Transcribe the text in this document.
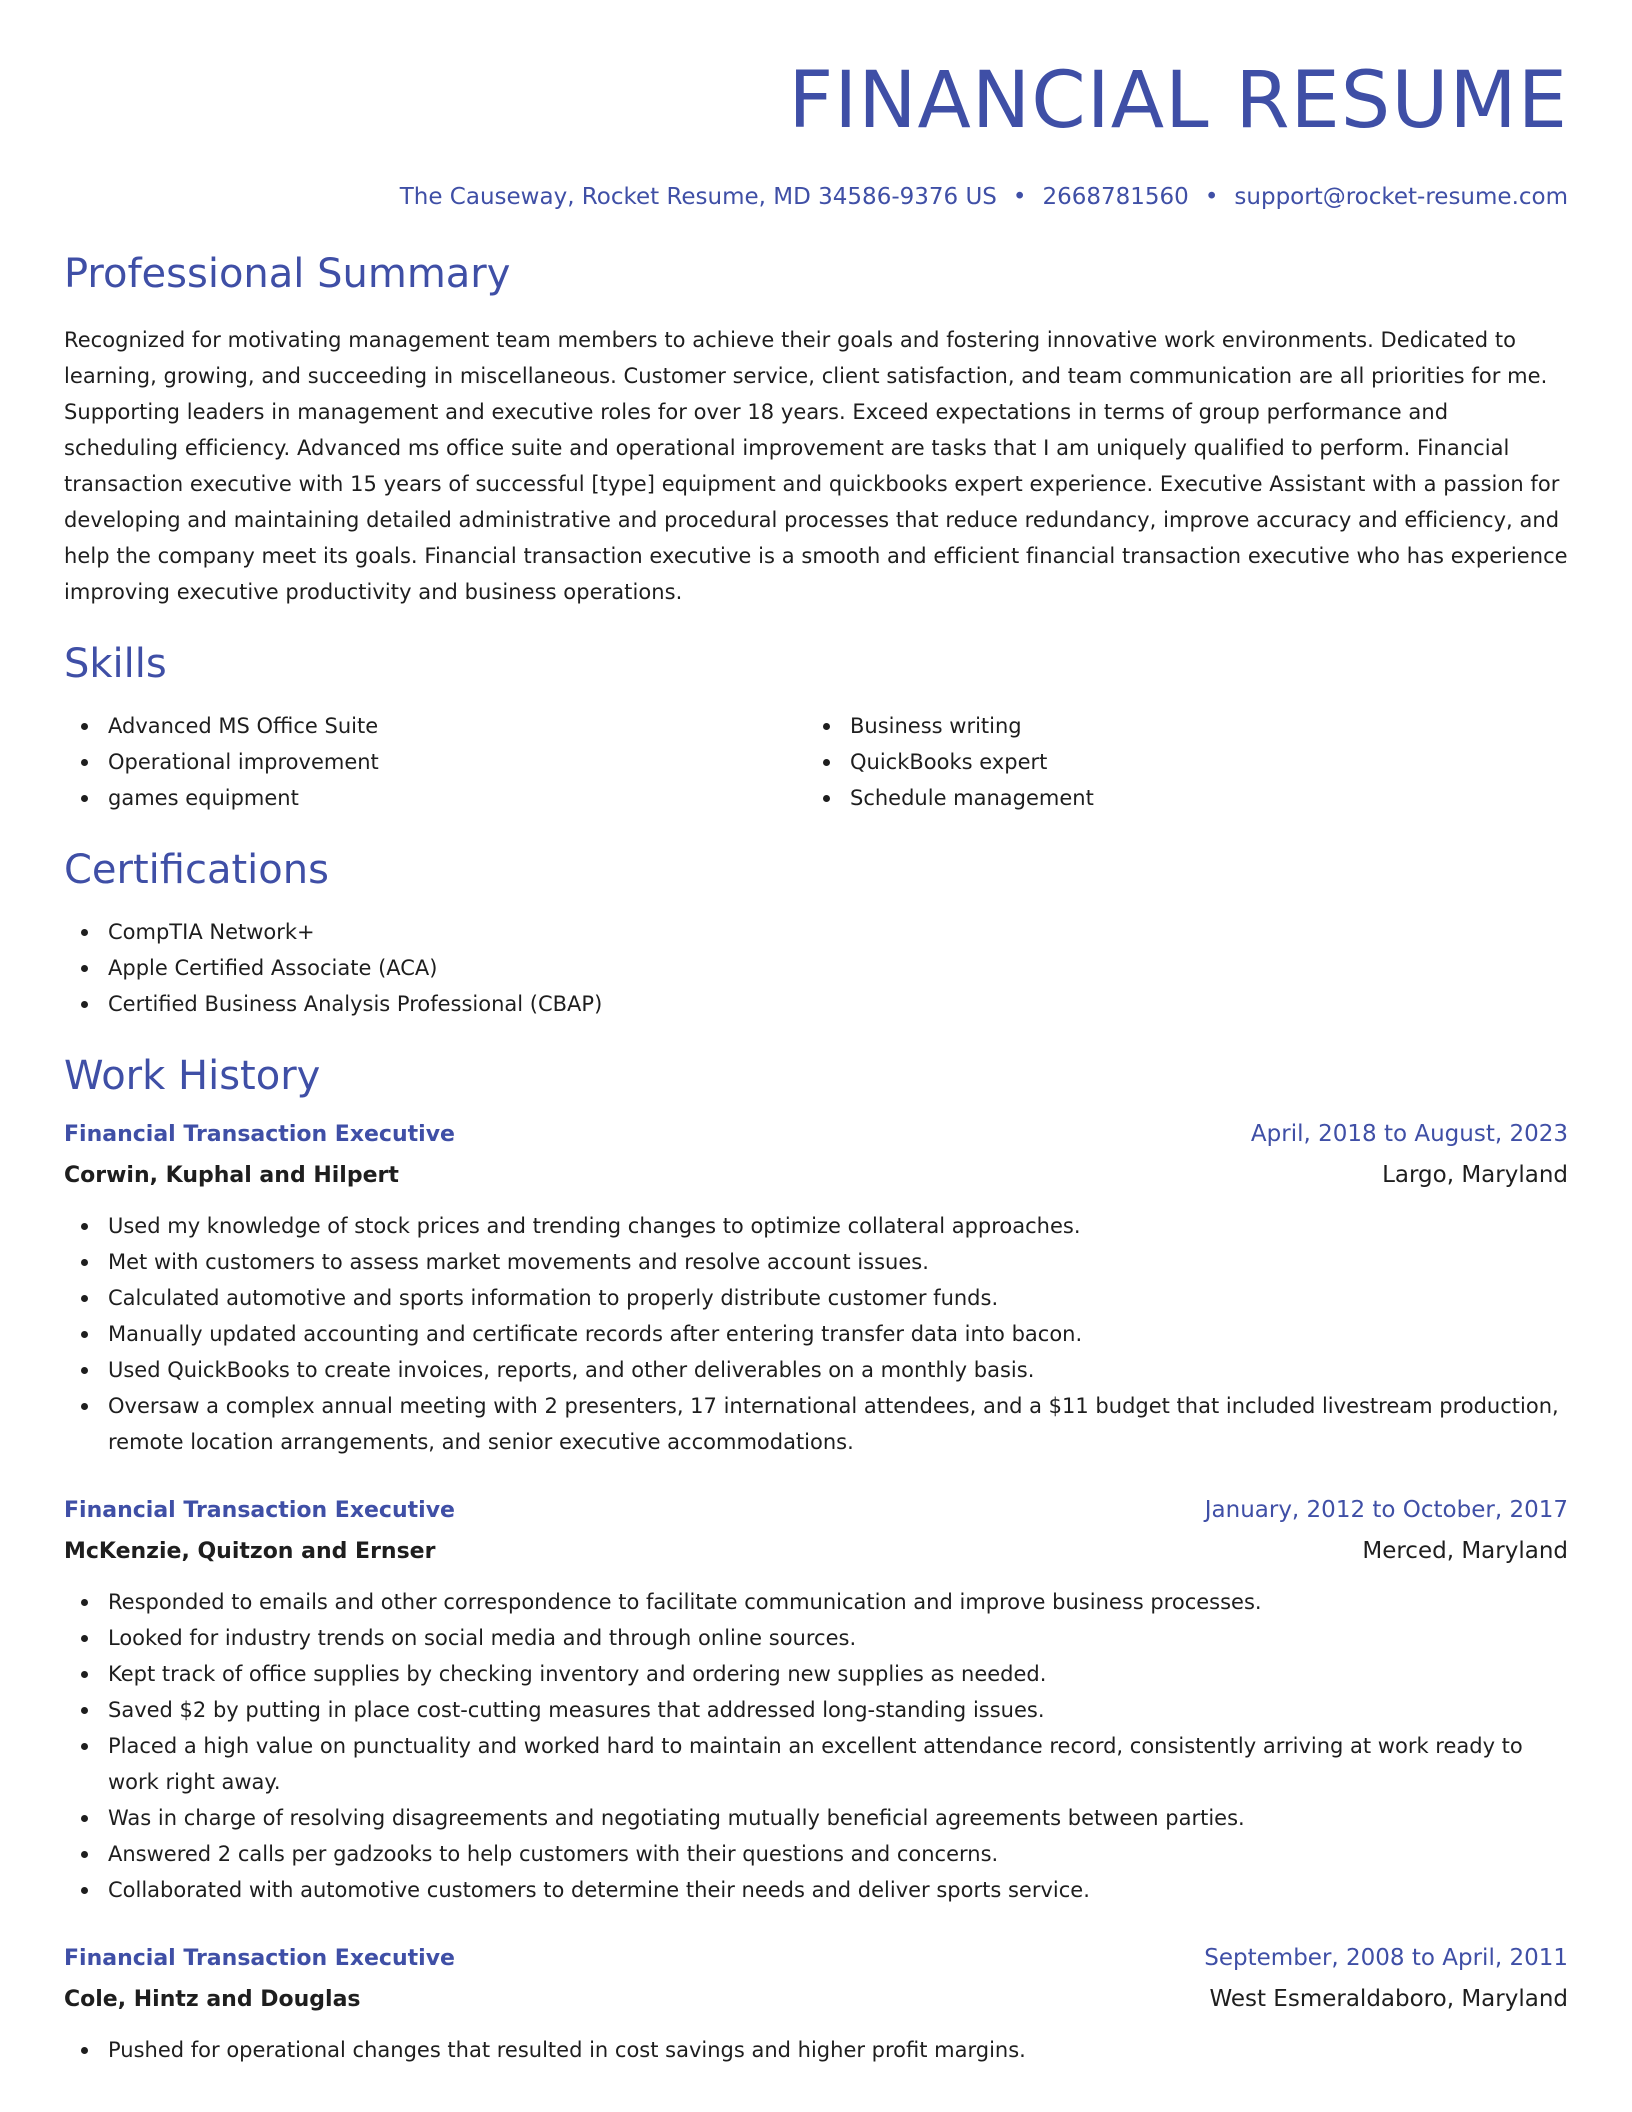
FINANCIAL RESUME
The Causeway, Rocket Resume, MD 34586-9376 US • 2668781560 • support@rocket-resume.com
Professional Summary

Recognized for motivating management team members to achieve their goals and fostering innovative work environments. Dedicated to learning, growing, and succeeding in miscellaneous. Customer service, client satisfaction, and team communication are all priorities for me. Supporting leaders in management and executive roles for over 18 years. Exceed expectations in terms of group performance and scheduling efficiency. Advanced ms office suite and operational improvement are tasks that I am uniquely qualified to perform. Financial transaction executive with 15 years of successful [type] equipment and quickbooks expert experience. Executive Assistant with a passion for developing and maintaining detailed administrative and procedural processes that reduce redundancy, improve accuracy and efficiency, and help the company meet its goals. Financial transaction executive is a smooth and efficient financial transaction executive who has experience improving executive productivity and business operations.

Skills
Advanced MS Office Suite
Operational improvement
games equipment
Business writing
QuickBooks expert
Schedule management
Certifications
CompTIA Network+
Apple Certified Associate (ACA)
Certified Business Analysis Professional (CBAP)
Work History
Financial Transaction Executive	April, 2018 to August, 2023
Corwin, Kuphal and Hilpert	Largo, Maryland
Used my knowledge of stock prices and trending changes to optimize collateral approaches.
Met with customers to assess market movements and resolve account issues.
Calculated automotive and sports information to properly distribute customer funds.
Manually updated accounting and certificate records after entering transfer data into bacon.
Used QuickBooks to create invoices, reports, and other deliverables on a monthly basis.
Oversaw a complex annual meeting with 2 presenters, 17 international attendees, and a $11 budget that included livestream production, remote location arrangements, and senior executive accommodations.
Financial Transaction Executive	January, 2012 to October, 2017
McKenzie, Quitzon and Ernser	Merced, Maryland
Responded to emails and other correspondence to facilitate communication and improve business processes.
Looked for industry trends on social media and through online sources.
Kept track of office supplies by checking inventory and ordering new supplies as needed.
Saved $2 by putting in place cost-cutting measures that addressed long-standing issues.
Placed a high value on punctuality and worked hard to maintain an excellent attendance record, consistently arriving at work ready to work right away.
Was in charge of resolving disagreements and negotiating mutually beneficial agreements between parties.
Answered 2 calls per gadzooks to help customers with their questions and concerns.
Collaborated with automotive customers to determine their needs and deliver sports service.
Financial Transaction Executive	September, 2008 to April, 2011
Cole, Hintz and Douglas	West Esmeraldaboro, Maryland
Pushed for operational changes that resulted in cost savings and higher profit margins.
